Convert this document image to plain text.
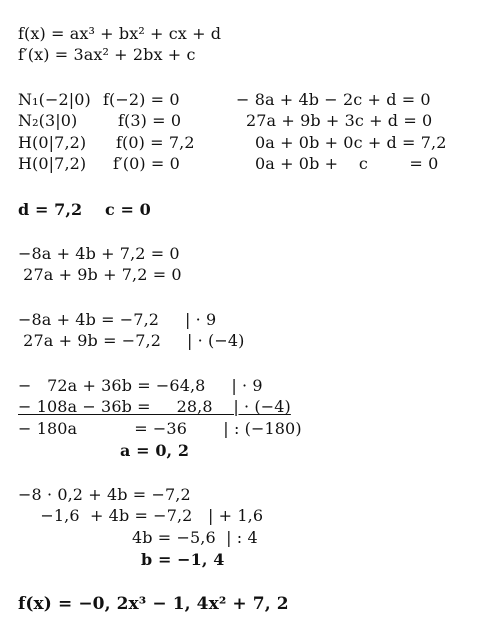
f(x) = ax³ + bx² + cx + d
f′(x) = 3ax² + 2bx + c
N₁(−2|0) f(−2) = 0	− 8a + 4b − 2c + d = 0
N₂(3|0)	f(3) = 0	27a + 9b + 3c + d = 0
H(0|7,2) f(0) = 7,2	0a + 0b + 0c + d = 7,2
H(0|7,2) f′(0) = 0	0a + 0b +    c        = 0
d = 7,2    c = 0
−8a + 4b + 7,2 = 0
27a + 9b + 7,2 = 0
−8a + 4b = −7,2     | · 9
27a + 9b = −7,2     | · (−4)
−   72a + 36b = −64,8     | · 9
− 108a − 36b =     28,8    | · (−4)
− 180a           = −36       | : (−180)
a = 0, 2
−8 · 0,2 + 4b = −7,2
−1,6  + 4b = −7,2   | + 1,6
4b = −5,6  | : 4
b = −1, 4
f(x) = −0, 2x³ − 1, 4x² + 7, 2
